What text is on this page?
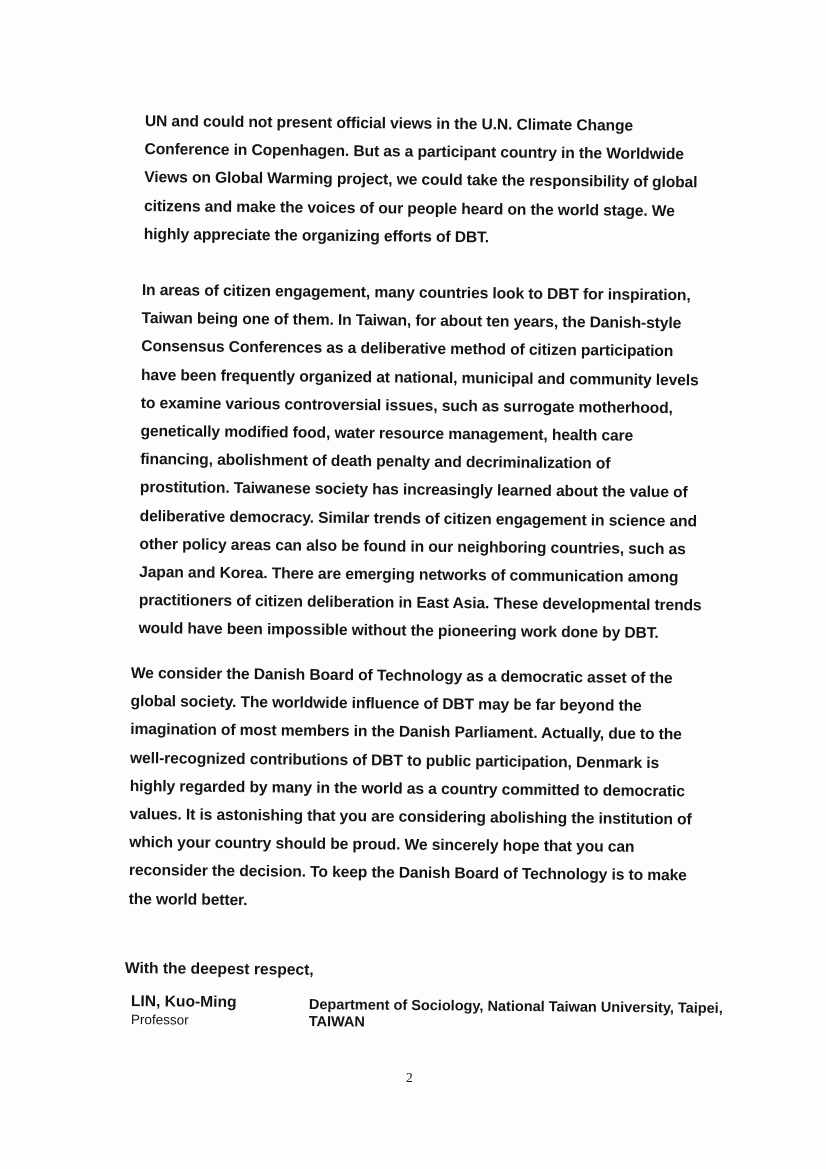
UN and could not present official views in the U.N. Climate Change
Conference in Copenhagen. But as a participant country in the Worldwide
Views on Global Warming project, we could take the responsibility of global
citizens and make the voices of our people heard on the world stage. We
highly appreciate the organizing efforts of DBT.

In areas of citizen engagement, many countries look to DBT for inspiration,
Taiwan being one of them. In Taiwan, for about ten years, the Danish-style
Consensus Conferences as a deliberative method of citizen participation
have been frequently organized at national, municipal and community levels
to examine various controversial issues, such as surrogate motherhood,
genetically modified food, water resource management, health care
financing, abolishment of death penalty and decriminalization of
prostitution. Taiwanese society has increasingly learned about the value of
deliberative democracy. Similar trends of citizen engagement in science and
other policy areas can also be found in our neighboring countries, such as
Japan and Korea. There are emerging networks of communication among
practitioners of citizen deliberation in East Asia. These developmental trends
would have been impossible without the pioneering work done by DBT.

We consider the Danish Board of Technology as a democratic asset of the
global society. The worldwide influence of DBT may be far beyond the
imagination of most members in the Danish Parliament. Actually, due to the
well-recognized contributions of DBT to public participation, Denmark is
highly regarded by many in the world as a country committed to democratic
values. It is astonishing that you are considering abolishing the institution of
which your country should be proud. We sincerely hope that you can
reconsider the decision. To keep the Danish Board of Technology is to make
the world better.

With the deepest respect,
LIN, Kuo-Ming
Professor
Department of Sociology, National Taiwan University, Taipei, TAIWAN
2
